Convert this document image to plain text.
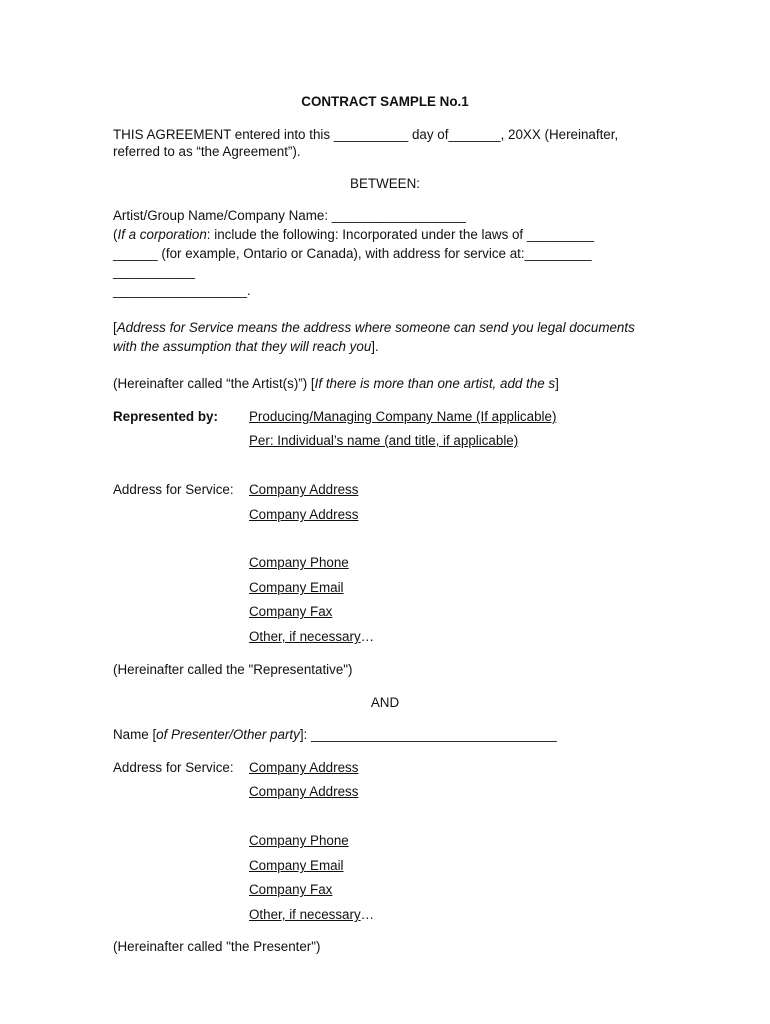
CONTRACT SAMPLE No.1
THIS AGREEMENT entered into this __________ day of_______, 20XX (Hereinafter,
referred to as “the Agreement”).
BETWEEN:
Artist/Group Name/Company Name: __________________
(If a corporation: include the following: Incorporated under the laws of _________
______ (for example, Ontario or Canada), with address for service at:_________
___________
__________________.
[Address for Service means the address where someone can send you legal documents
with the assumption that they will reach you].
(Hereinafter called “the Artist(s)”) [If there is more than one artist, add the s]
Represented by: Producing/Managing Company Name (If applicable)
Per: Individual’s name (and title, if applicable)
Address for Service: Company Address
Company Address
Company Phone
Company Email
Company Fax
Other, if necessary…
(Hereinafter called the "Representative")
AND
Name [of Presenter/Other party]: _________________________________
Address for Service: Company Address
Company Address
Company Phone
Company Email
Company Fax
Other, if necessary…
(Hereinafter called "the Presenter")
